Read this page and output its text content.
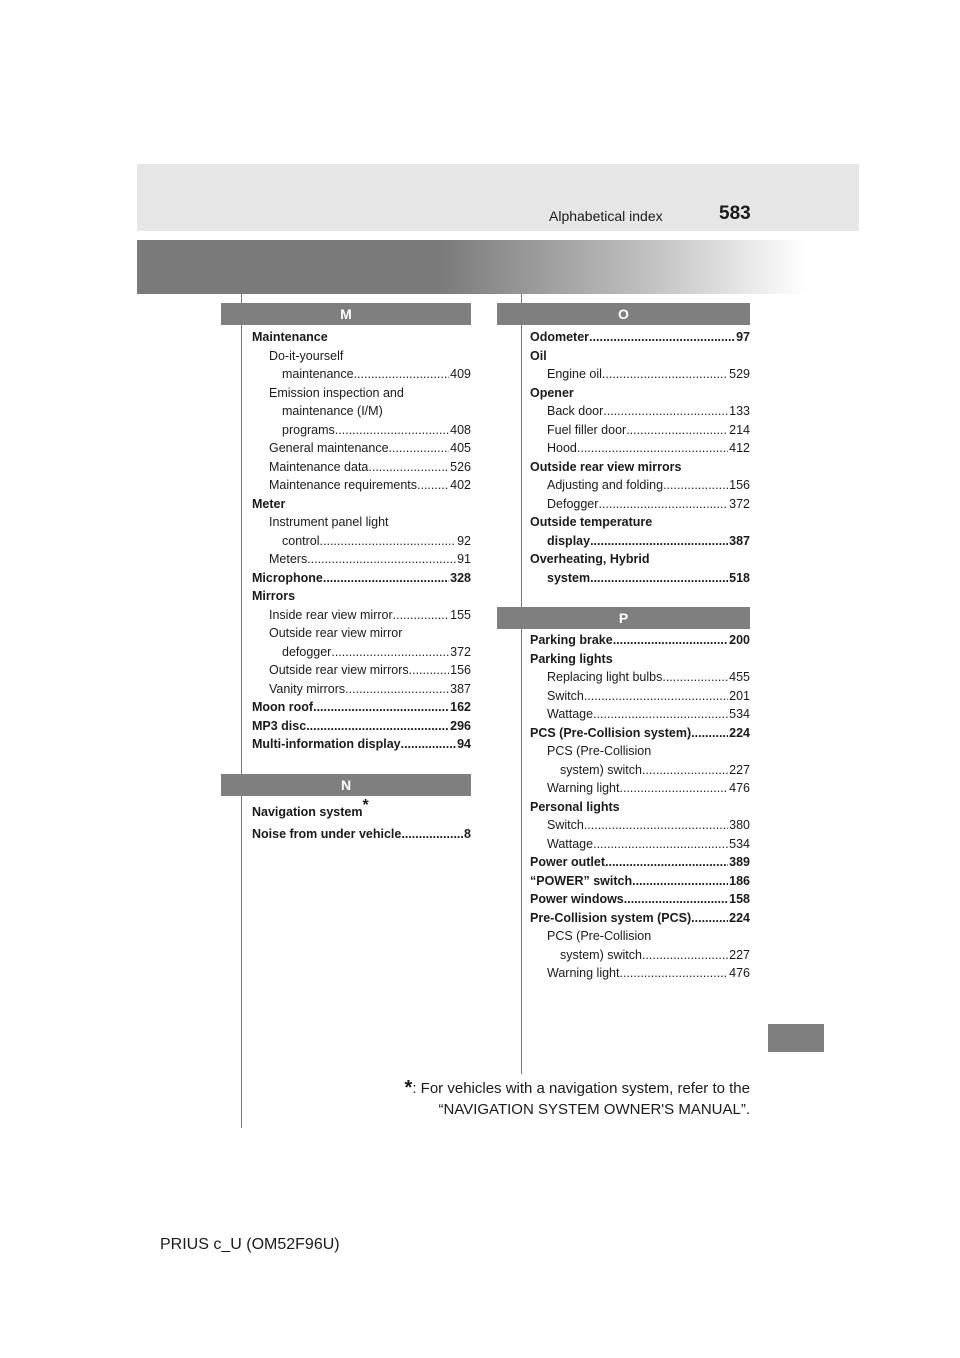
Alphabetical index	583
M
Maintenance
Do-it-yourself
maintenance .....	409
Emission inspection and
maintenance (I/M)
programs .....	408
General maintenance .....	405
Maintenance data .....	526
Maintenance requirements .....	402
Meter
Instrument panel light
control .....	92
Meters .....	91
Microphone .....	328
Mirrors
Inside rear view mirror .....	155
Outside rear view mirror
defogger .....	372
Outside rear view mirrors .....	156
Vanity mirrors .....	387
Moon roof .....	162
MP3 disc .....	296
Multi-information display .....	94
N
Navigation system*
Noise from under vehicle .....	8
O
Odometer .....	97
Oil
Engine oil .....	529
Opener
Back door .....	133
Fuel filler door .....	214
Hood .....	412
Outside rear view mirrors
Adjusting and folding .....	156
Defogger .....	372
Outside temperature
display .....	387
Overheating, Hybrid
system .....	518
P
Parking brake .....	200
Parking lights
Replacing light bulbs .....	455
Switch .....	201
Wattage .....	534
PCS (Pre-Collision system) .....	224
PCS (Pre-Collision
system) switch .....	227
Warning light .....	476
Personal lights
Switch .....	380
Wattage .....	534
Power outlet .....	389
“POWER” switch .....	186
Power windows .....	158
Pre-Collision system (PCS) .....	224
PCS (Pre-Collision
system) switch .....	227
Warning light .....	476
*: For vehicles with a navigation system, refer to the
“NAVIGATION SYSTEM OWNER'S MANUAL”.
PRIUS c_U (OM52F96U)
